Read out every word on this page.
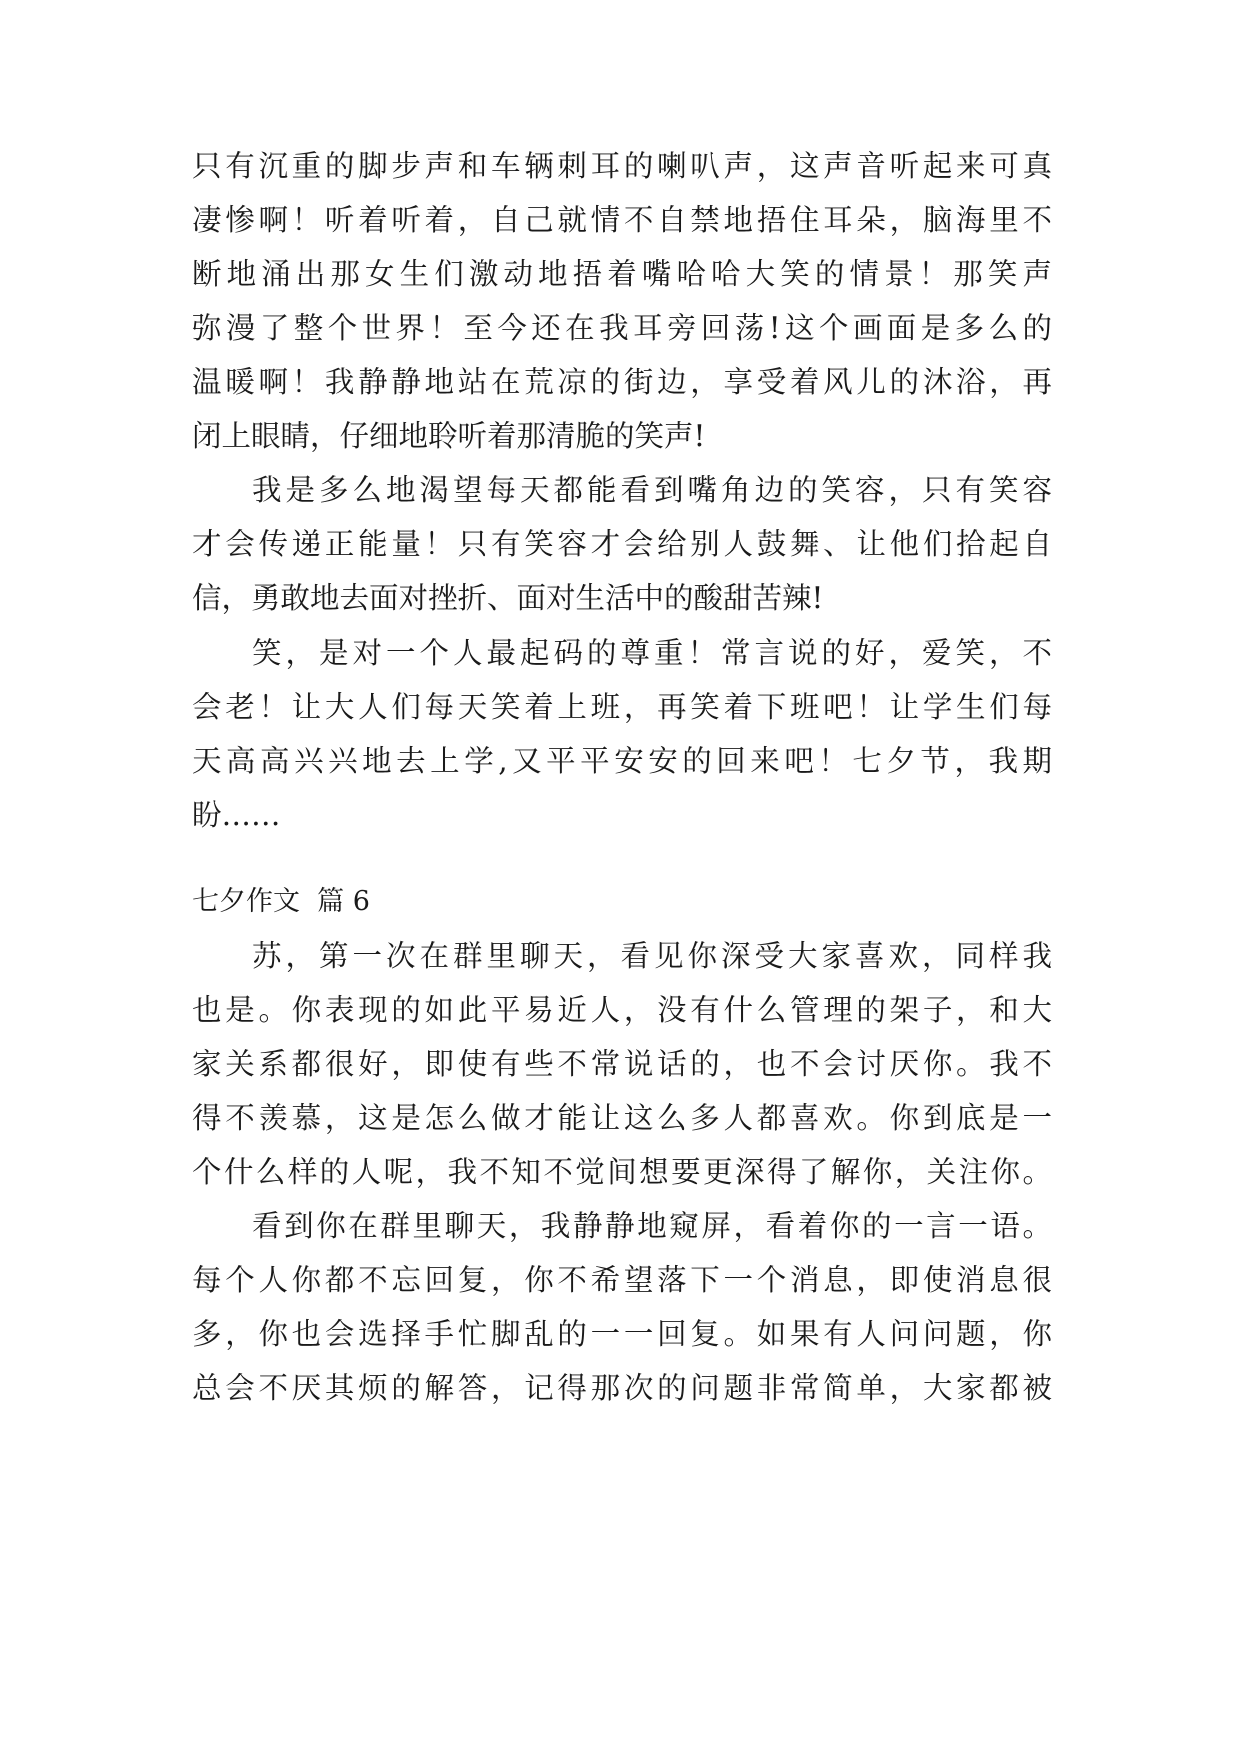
只有沉重的脚步声和车辆刺耳的喇叭声，这声音听起来可真
凄惨啊！听着听着，自己就情不自禁地捂住耳朵，脑海里不
断地涌出那女生们激动地捂着嘴哈哈大笑的情景！那笑声
弥漫了整个世界！至今还在我耳旁回荡!这个画面是多么的
温暖啊！我静静地站在荒凉的街边，享受着风儿的沐浴，再
闭上眼睛，仔细地聆听着那清脆的笑声!
我是多么地渴望每天都能看到嘴角边的笑容，只有笑容
才会传递正能量！只有笑容才会给别人鼓舞、让他们拾起自
信，勇敢地去面对挫折、面对生活中的酸甜苦辣!
笑，是对一个人最起码的尊重！常言说的好，爱笑，不
会老！让大人们每天笑着上班，再笑着下班吧！让学生们每
天高高兴兴地去上学,又平平安安的回来吧！七夕节，我期
盼……
七夕作文  篇 6
苏，第一次在群里聊天，看见你深受大家喜欢，同样我
也是。你表现的如此平易近人，没有什么管理的架子，和大
家关系都很好，即使有些不常说话的，也不会讨厌你。我不
得不羡慕，这是怎么做才能让这么多人都喜欢。你到底是一
个什么样的人呢，我不知不觉间想要更深得了解你，关注你。
看到你在群里聊天，我静静地窥屏，看着你的一言一语。
每个人你都不忘回复，你不希望落下一个消息，即使消息很
多，你也会选择手忙脚乱的一一回复。如果有人问问题，你
总会不厌其烦的解答，记得那次的问题非常简单，大家都被
